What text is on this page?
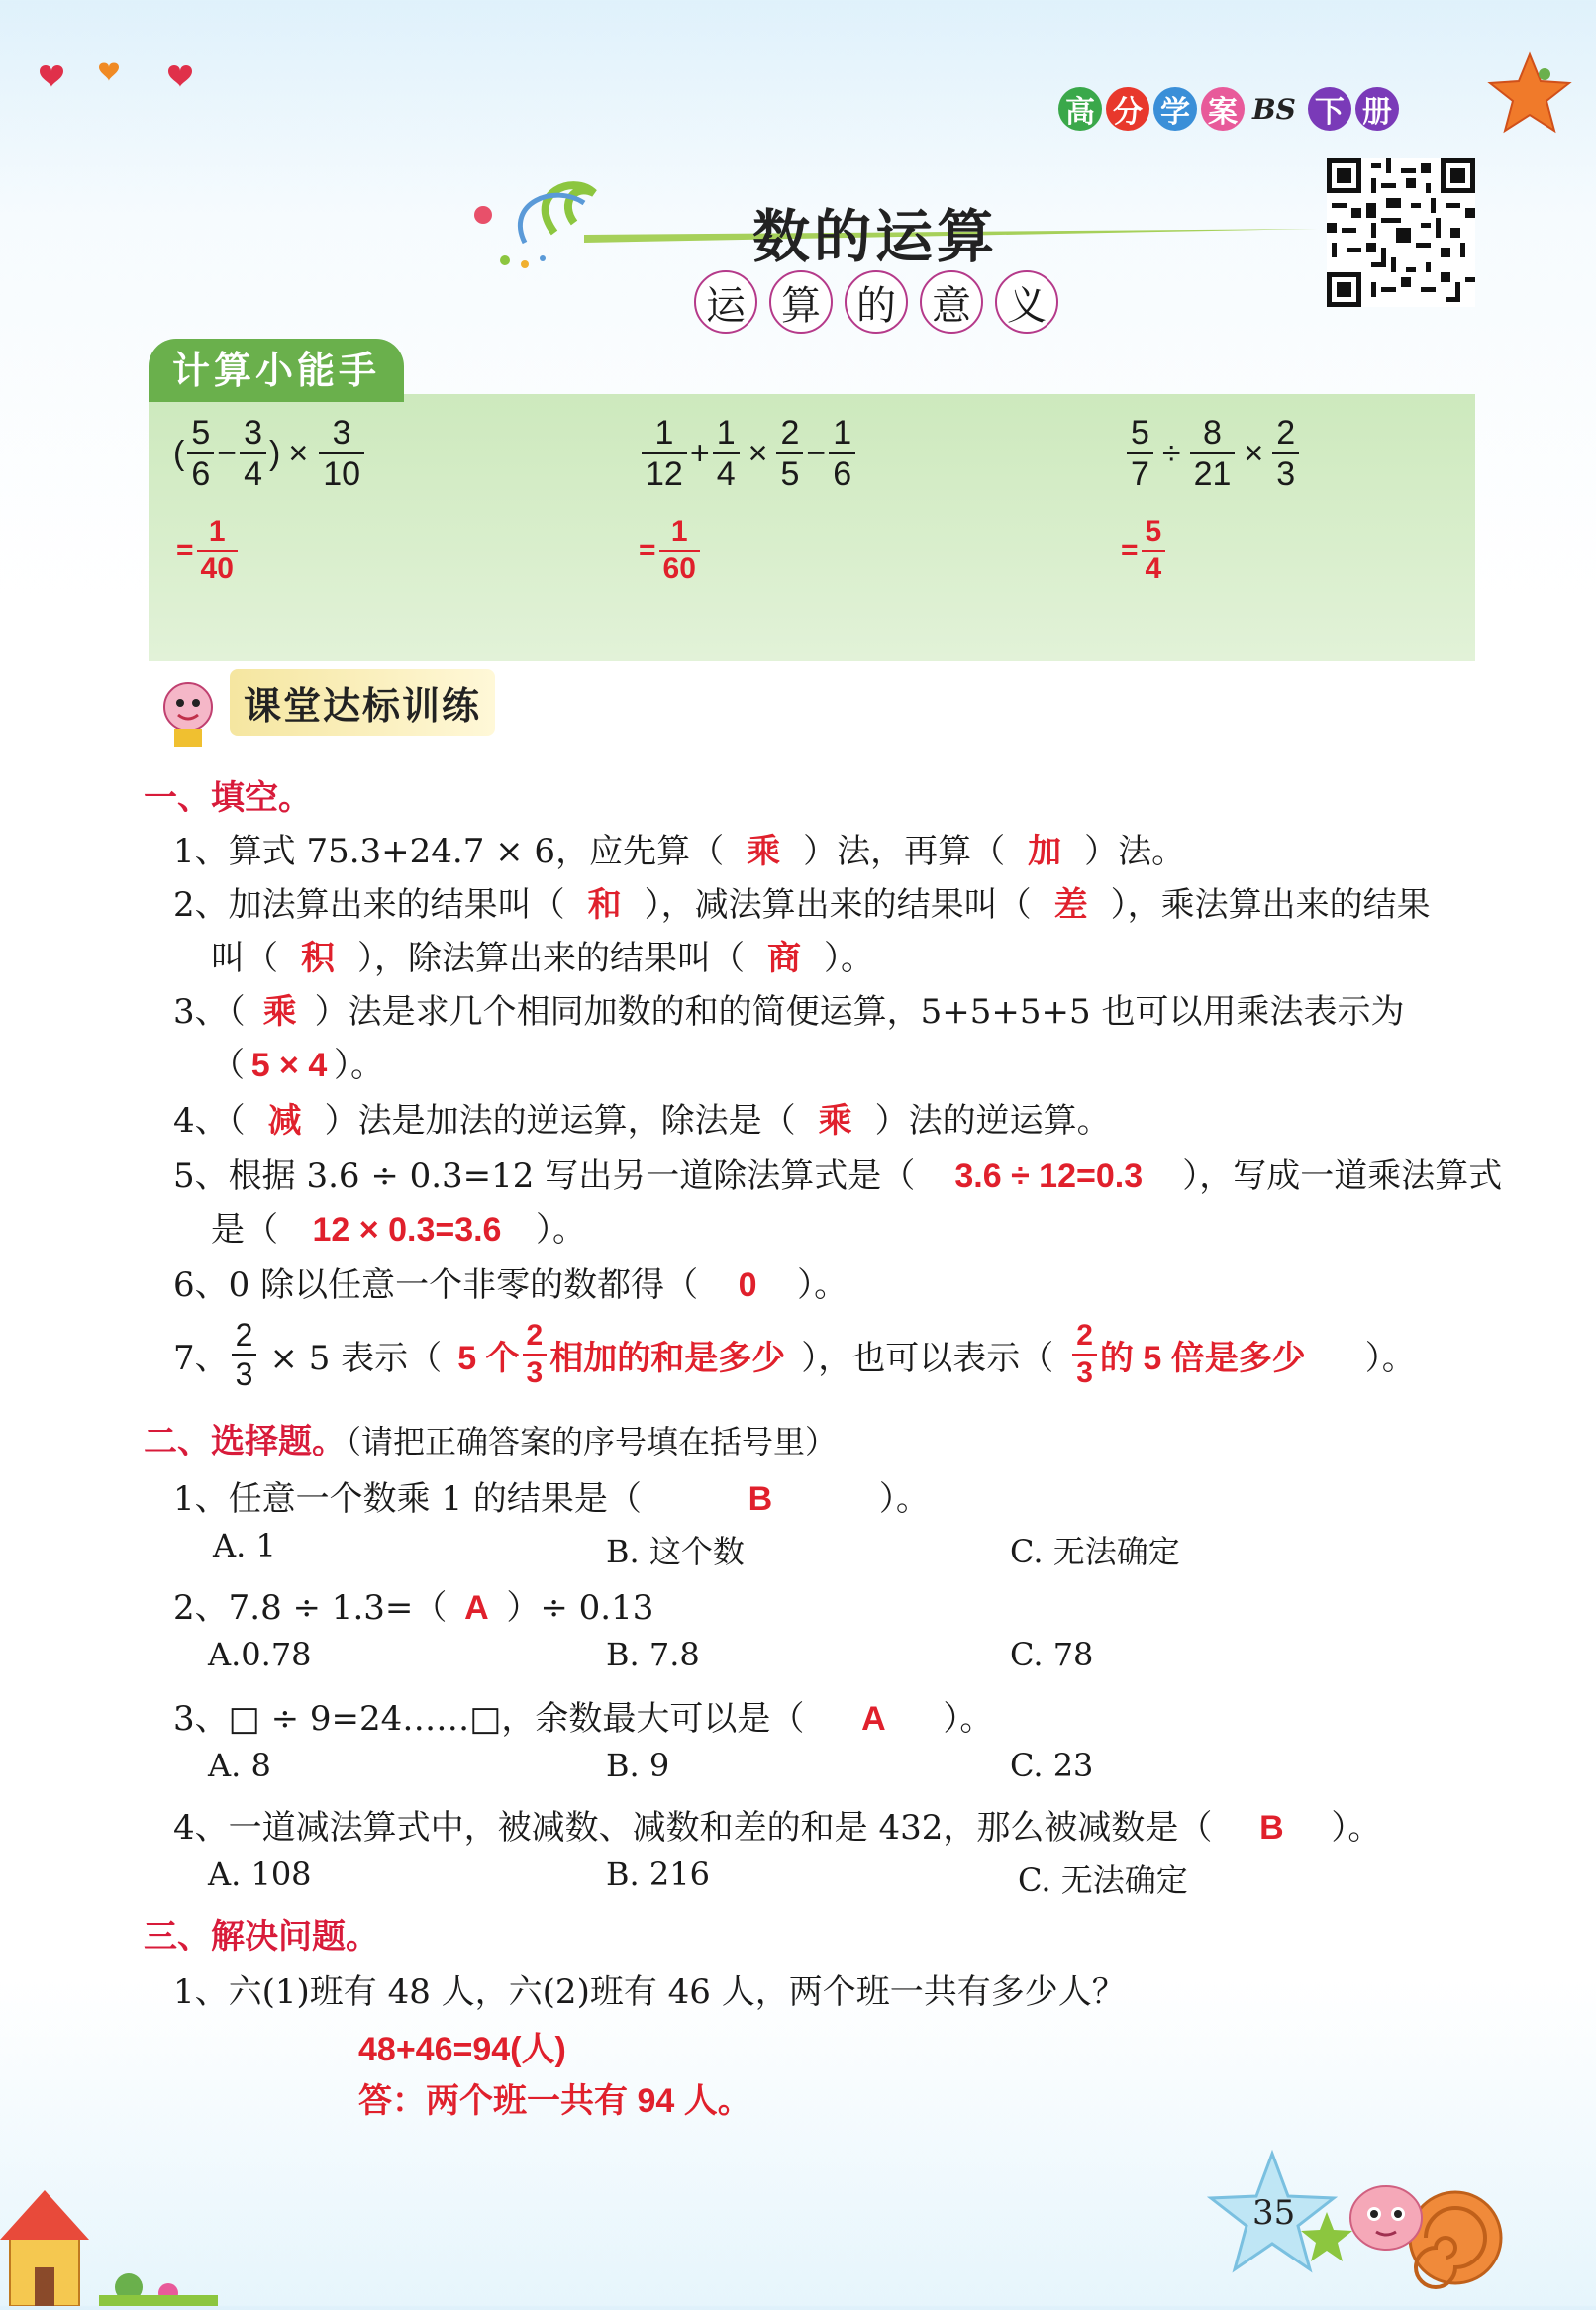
高 分 学 案 BS 下 册
数的运算
运 算 的 意 义
计算小能手
( $\frac{5}{6} - \frac{3}{4}$ ) × $\frac{3}{10}$
= $\frac{1}{40}$
$\frac{1}{12} + \frac{1}{4} \times \frac{2}{5} - \frac{1}{6}$
= $\frac{1}{60}$
$\frac{5}{7} \div \frac{8}{21} \times \frac{2}{3}$
= $\frac{5}{4}$
课堂达标训练
一、填空。
1、算式 75.3+24.7 × 6，应先算（ 乘 ）法，再算（ 加 ）法。
2、加法算出来的结果叫（ 和 ），减法算出来的结果叫（ 差 ），乘法算出来的结果
叫（ 积 ），除法算出来的结果叫（ 商 ）。
3、（ 乘 ）法是求几个相同加数的和的简便运算，5+5+5+5 也可以用乘法表示为
（ 5 × 4 ）。
4、（ 减 ）法是加法的逆运算，除法是（ 乘 ）法的逆运算。
5、根据 3.6 ÷ 0.3=12 写出另一道除法算式是（ 3.6 ÷ 12=0.3 ），写成一道乘法算式
是（ 12 × 0.3=3.6 ）。
6、0 除以任意一个非零的数都得（ 0 ）。
7、 $\frac{2}{3} \times 5$ 表示（ 5 个 $\frac{2}{3}$ 相加的和是多少 ），也可以表示（ $\frac{2}{3}$ 的 5 倍是多少 ）。
二、选择题。（请把正确答案的序号填在括号里）
1、任意一个数乘 1 的结果是（	B	）。
A. 1	B. 这个数	C. 无法确定
2、7.8 ÷ 1.3=（ A ）÷ 0.13
A.0.78	B. 7.8	C. 78
3、□ ÷ 9=24……□，余数最大可以是（ A ）。
A. 8	B. 9	C. 23
4、一道减法算式中，被减数、减数和差的和是 432，那么被减数是（ B ）。
A. 108	B. 216	C. 无法确定
三、解决问题。
1、六(1)班有 48 人，六(2)班有 46 人，两个班一共有多少人？
48+46=94(人)
答：两个班一共有 94 人。
35
